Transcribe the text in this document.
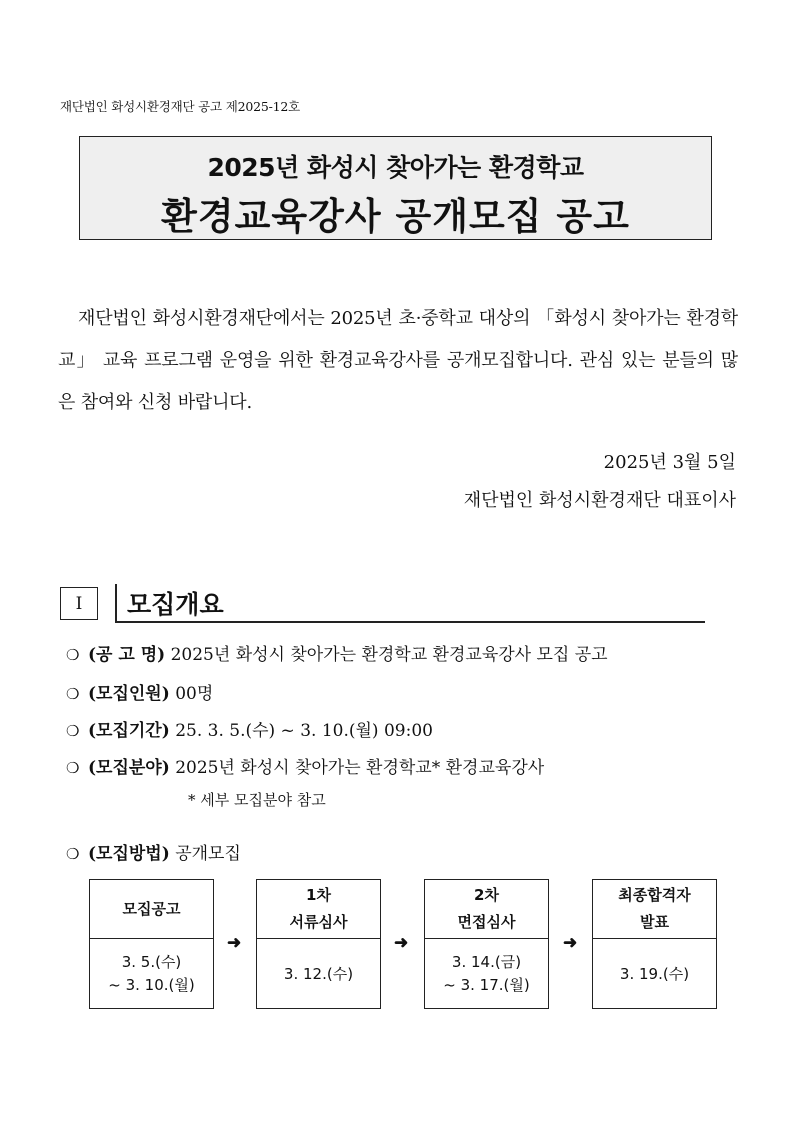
재단법인 화성시환경재단 공고 제2025-12호
2025년 화성시 찾아가는 환경학교
환경교육강사 공개모집 공고
재단법인 화성시환경재단에서는 2025년 초·중학교 대상의 「화성시 찾아가는 환경학교」 교육 프로그램 운영을 위한 환경교육강사를 공개모집합니다. 관심 있는 분들의 많은 참여와 신청 바랍니다.
2025년 3월 5일
재단법인 화성시환경재단 대표이사
Ⅰ	모집개요
❍ (공 고 명) 2025년 화성시 찾아가는 환경학교 환경교육강사 모집 공고
❍ (모집인원) 00명
❍ (모집기간) 25. 3. 5.(수) ~ 3. 10.(월) 09:00
❍ (모집분야) 2025년 화성시 찾아가는 환경학교* 환경교육강사
* 세부 모집분야 참고
❍ (모집방법) 공개모집
모집공고
3. 5.(수)
~ 3. 10.(월)
➜
1차
서류심사
3. 12.(수)
➜
2차
면접심사
3. 14.(금)
~ 3. 17.(월)
➜
최종합격자
발표
3. 19.(수)
